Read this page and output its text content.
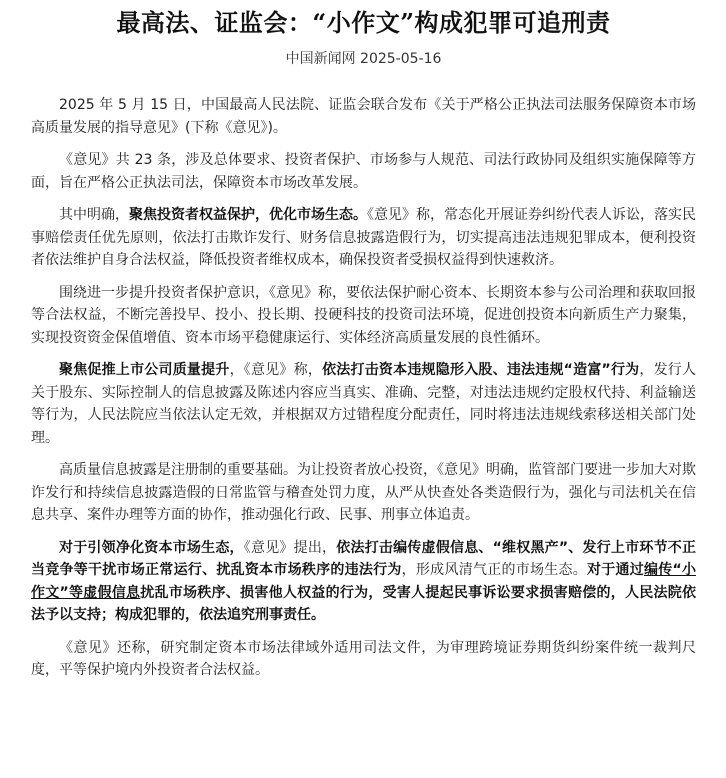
最高法、证监会：“小作文”构成犯罪可追刑责
中国新闻网 2025-05-16

2025 年 5 月 15 日，中国最高人民法院、证监会联合发布《关于严格公正执法司法服务保障资本市场高质量发展的指导意见》(下称《意见》)。

《意见》共 23 条，涉及总体要求、投资者保护、市场参与人规范、司法行政协同及组织实施保障等方面，旨在严格公正执法司法，保障资本市场改革发展。

其中明确，聚焦投资者权益保护，优化市场生态。《意见》称，常态化开展证券纠纷代表人诉讼，落实民事赔偿责任优先原则，依法打击欺诈发行、财务信息披露造假行为，切实提高违法违规犯罪成本，便利投资者依法维护自身合法权益，降低投资者维权成本，确保投资者受损权益得到快速救济。

围绕进一步提升投资者保护意识，《意见》称，要依法保护耐心资本、长期资本参与公司治理和获取回报等合法权益，不断完善投早、投小、投长期、投硬科技的投资司法环境，促进创投资本向新质生产力聚集，实现投资资金保值增值、资本市场平稳健康运行、实体经济高质量发展的良性循环。

聚焦促推上市公司质量提升，《意见》称，依法打击资本违规隐形入股、违法违规“造富”行为，发行人关于股东、实际控制人的信息披露及陈述内容应当真实、准确、完整，对违法违规约定股权代持、利益输送等行为，人民法院应当依法认定无效，并根据双方过错程度分配责任，同时将违法违规线索移送相关部门处理。

高质量信息披露是注册制的重要基础。为让投资者放心投资，《意见》明确，监管部门要进一步加大对欺诈发行和持续信息披露造假的日常监管与稽查处罚力度，从严从快查处各类造假行为，强化与司法机关在信息共享、案件办理等方面的协作，推动强化行政、民事、刑事立体追责。

对于引领净化资本市场生态，《意见》提出，依法打击编传虚假信息、“维权黑产”、发行上市环节不正当竞争等干扰市场正常运行、扰乱资本市场秩序的违法行为，形成风清气正的市场生态。对于通过编传“小作文”等虚假信息扰乱市场秩序、损害他人权益的行为，受害人提起民事诉讼要求损害赔偿的，人民法院依法予以支持；构成犯罪的，依法追究刑事责任。

《意见》还称，研究制定资本市场法律域外适用司法文件，为审理跨境证券期货纠纷案件统一裁判尺度，平等保护境内外投资者合法权益。
